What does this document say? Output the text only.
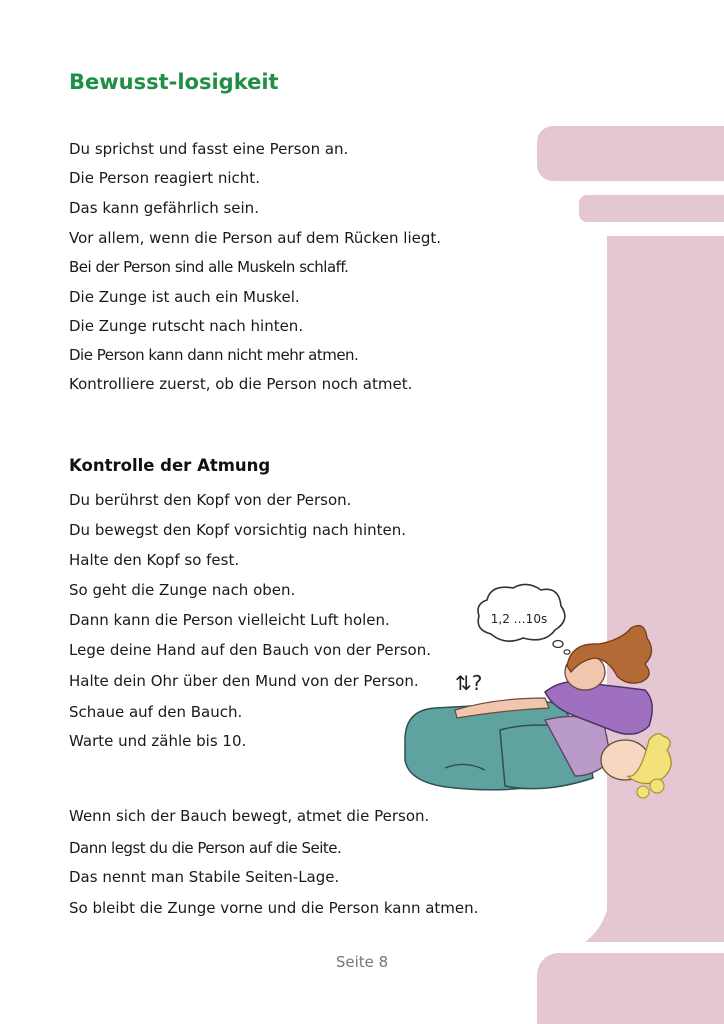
Bewusst-losigkeit

Du sprichst und fasst eine Person an.

Die Person reagiert nicht.

Das kann gefährlich sein.

Vor allem, wenn die Person auf dem Rücken liegt.

Bei der Person sind alle Muskeln schlaff.

Die Zunge ist auch ein Muskel.

Die Zunge rutscht nach hinten.

Die Person kann dann nicht mehr atmen.

Kontrolliere zuerst, ob die Person noch atmet.

Kontrolle der Atmung

Du berührst den Kopf von der Person.

Du bewegst den Kopf vorsichtig nach hinten.

Halte den Kopf so fest.

So geht die Zunge nach oben.

Dann kann die Person vielleicht Luft holen.

Lege deine Hand auf den Bauch von der Person.

Halte dein Ohr über den Mund von der Person.

Schaue auf den Bauch.

Warte und zähle bis 10.

Wenn sich der Bauch bewegt, atmet die Person.

Dann legst du die Person auf die Seite.

Das nennt man Stabile Seiten-Lage.

So bleibt die Zunge vorne und die Person kann atmen.

1,2 …10s
⇅?
Seite 8
